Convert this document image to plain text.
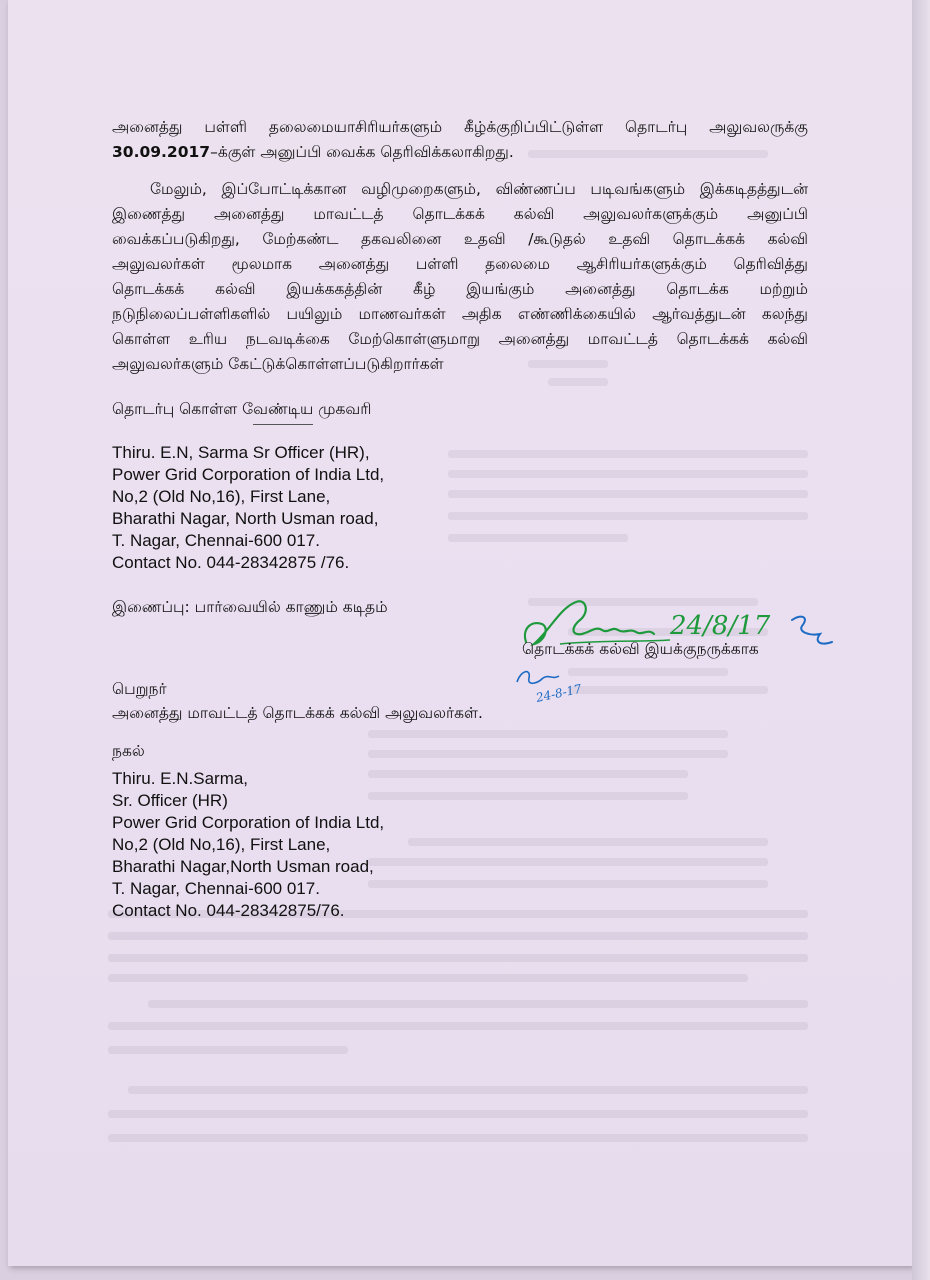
அனைத்து பள்ளி தலைமையாசிரியர்களும் கீழ்க்குறிப்பிட்டுள்ள தொடர்பு அலுவலருக்கு
30.09.2017–க்குள் அனுப்பி வைக்க தெரிவிக்கலாகிறது.
மேலும், இப்போட்டிக்கான வழிமுறைகளும், விண்ணப்ப படிவங்களும் இக்கடிதத்துடன்
இணைத்து அனைத்து மாவட்டத் தொடக்கக் கல்வி அலுவலர்களுக்கும் அனுப்பி
வைக்கப்படுகிறது, மேற்கண்ட தகவலினை உதவி /கூடுதல் உதவி தொடக்கக் கல்வி
அலுவலர்கள் மூலமாக அனைத்து பள்ளி தலைமை ஆசிரியர்களுக்கும் தெரிவித்து
தொடக்கக் கல்வி இயக்ககத்தின் கீழ் இயங்கும் அனைத்து தொடக்க மற்றும்
நடுநிலைப்பள்ளிகளில் பயிலும் மாணவர்கள் அதிக எண்ணிக்கையில் ஆர்வத்துடன் கலந்து
கொள்ள உரிய நடவடிக்கை மேற்கொள்ளுமாறு அனைத்து மாவட்டத் தொடக்கக் கல்வி
அலுவலர்களும் கேட்டுக்கொள்ளப்படுகிறார்கள்
தொடர்பு கொள்ள வேண்டிய முகவரி
Thiru. E.N, Sarma Sr Officer (HR),
Power Grid Corporation of India Ltd,
No,2 (Old No,16), First Lane,
Bharathi Nagar, North Usman road,
T. Nagar, Chennai-600 017.
Contact No. 044-28342875 /76.
இணைப்பு: பார்வையில் காணும் கடிதம்
24/8/17
தொடக்கக் கல்வி இயக்குநருக்காக
24-8-17
பெறுநர்
அனைத்து மாவட்டத் தொடக்கக் கல்வி அலுவலர்கள்.
நகல்
Thiru. E.N.Sarma,
Sr. Officer (HR)
Power Grid Corporation of India Ltd,
No,2 (Old No,16), First Lane,
Bharathi Nagar,North Usman road,
T. Nagar, Chennai-600 017.
Contact No. 044-28342875/76.
